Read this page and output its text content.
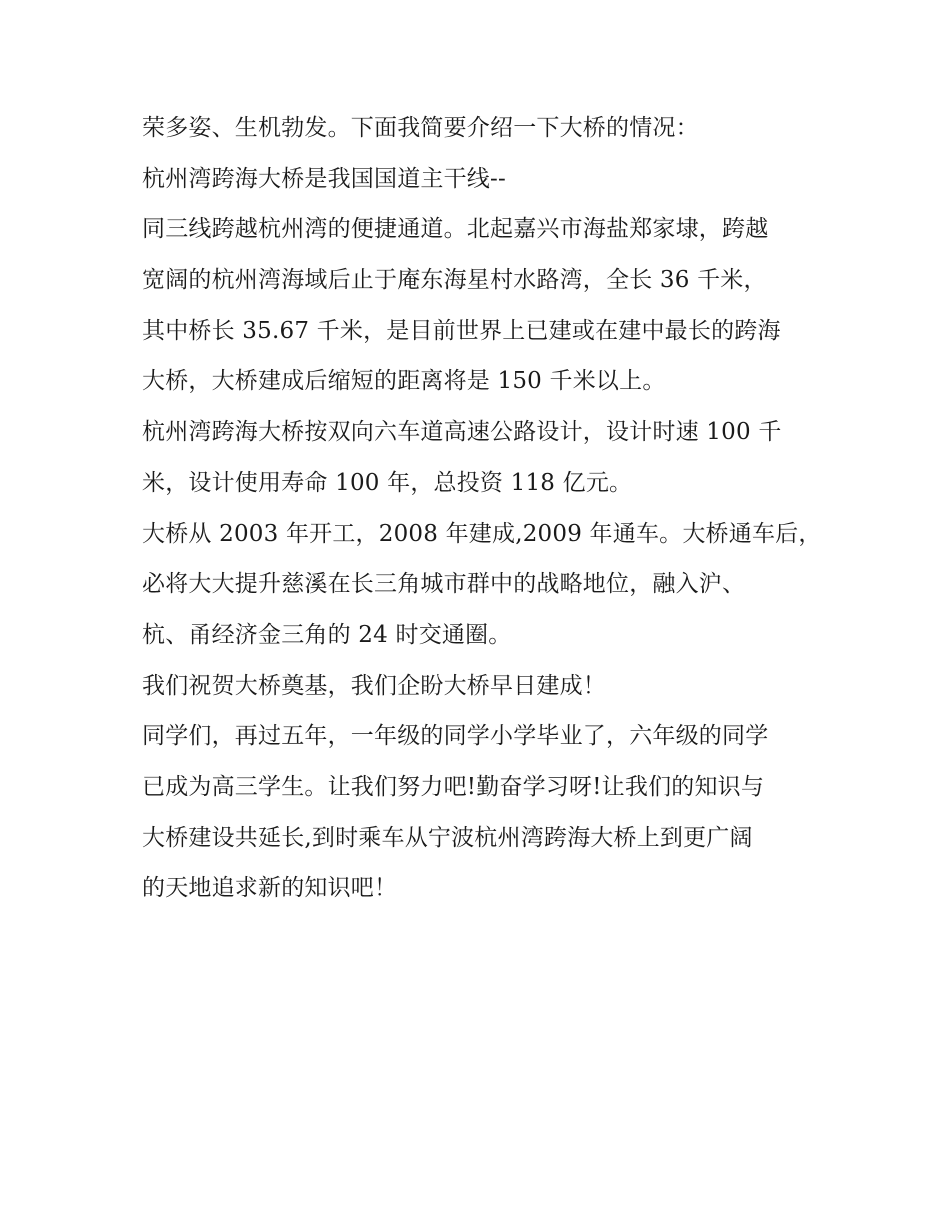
荣多姿、生机勃发。下面我简要介绍一下大桥的情况：
杭州湾跨海大桥是我国国道主干线--
同三线跨越杭州湾的便捷通道。北起嘉兴市海盐郑家埭，跨越
宽阔的杭州湾海域后止于庵东海星村水路湾，全长 36 千米，
其中桥长 35.67 千米，是目前世界上已建或在建中最长的跨海
大桥，大桥建成后缩短的距离将是 150 千米以上。
杭州湾跨海大桥按双向六车道高速公路设计，设计时速 100 千
米，设计使用寿命 100 年，总投资 118 亿元。
大桥从 2003 年开工，2008 年建成,2009 年通车。大桥通车后，
必将大大提升慈溪在长三角城市群中的战略地位，融入沪、
杭、甬经济金三角的 24 时交通圈。
我们祝贺大桥奠基，我们企盼大桥早日建成！
同学们，再过五年，一年级的同学小学毕业了，六年级的同学
已成为高三学生。让我们努力吧!勤奋学习呀!让我们的知识与
大桥建设共延长,到时乘车从宁波杭州湾跨海大桥上到更广阔
的天地追求新的知识吧！
